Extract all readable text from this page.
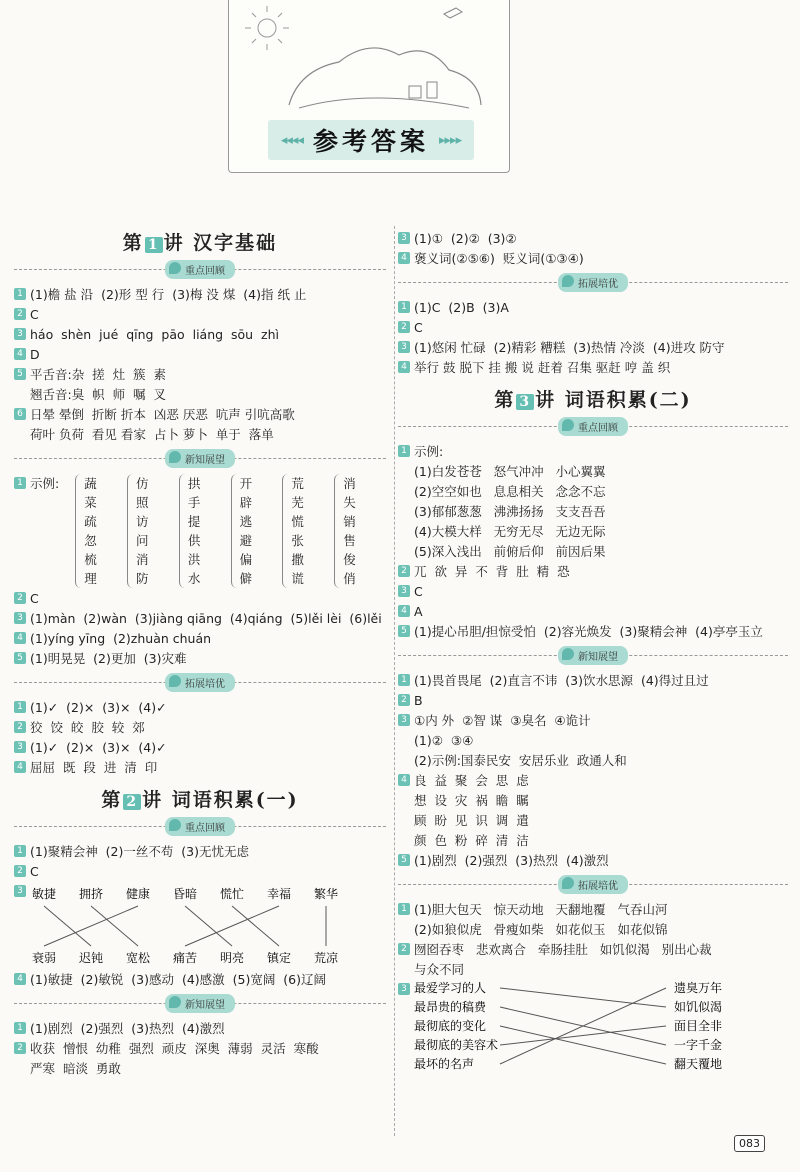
◂◂◂◂ 参考答案 ▸▸▸▸
第 1 讲 汉字基础
重点回顾
1 (1)檐 盐 沿  (2)形 型 行  (3)梅 没 煤  (4)指 纸 止
2 C
3 háo  shèn  jué  qīng  pāo  liáng  sōu  zhì
4 D
5 平舌音:杂  搓  灶  簇  素
翘舌音:臭  帜  师  嘱  叉
6 日晕 晕倒  折断 折本  凶恶 厌恶  吭声 引吭高歌
荷叶 负荷  看见 看家  占卜 萝卜  单于  落单
新知展望
1 示例: 蔬菜
疏忽
梳理
仿照
访问
消防
拱手
提供
洪水
开辟
逃避
偏僻
荒芜
慌张
撒谎
消失
销售
俊俏
2 C
3 (1)màn  (2)wàn  (3)jiàng qiāng  (4)qiáng  (5)lěi lèi  (6)lěi
4 (1)yíng yīng  (2)zhuàn chuán
5 (1)明晃晃  (2)更加  (3)灾难
拓展培优
1 (1)✓  (2)×  (3)×  (4)✓
2 狡  饺  皎  胶  较  郊
3 (1)✓  (2)×  (3)×  (4)✓
4 屈屈  既  段  进  清  印
第 2 讲 词语积累(一)
重点回顾
1 (1)聚精会神  (2)一丝不苟  (3)无忧无虑
2 C
3 敏捷 拥挤 健康 昏暗 慌忙 幸福 繁华
衰弱 迟钝 宽松 痛苦 明亮 镇定 荒凉
4 (1)敏捷  (2)敏锐  (3)感动  (4)感激  (5)宽阔  (6)辽阔
新知展望
1 (1)剧烈  (2)强烈  (3)热烈  (4)激烈
2 收获  憎恨  幼稚  强烈  顽皮  深奥  薄弱  灵活  寒酸
严寒  暗淡  勇敢
3 (1)①  (2)②  (3)②
4 褒义词(②⑤⑥)  贬义词(①③④)
拓展培优
1 (1)C  (2)B  (3)A
2 C
3 (1)悠闲 忙碌  (2)精彩 糟糕  (3)热情 冷淡  (4)进攻 防守
4 举行 鼓 脱下 挂 搬 说 赶着 召集 驱赶 哼 盖 织
第 3 讲 词语积累(二)
重点回顾
1 示例:
(1)白发苍苍   怒气冲冲   小心翼翼
(2)空空如也   息息相关   念念不忘
(3)郁郁葱葱   沸沸扬扬   支支吾吾
(4)大模大样   无穷无尽   无边无际
(5)深入浅出   前俯后仰   前因后果
2 兀  欲  异  不  背  肚  精  恐
3 C
4 A
5 (1)提心吊胆/担惊受怕  (2)容光焕发  (3)聚精会神  (4)亭亭玉立
新知展望
1 (1)畏首畏尾  (2)直言不讳  (3)饮水思源  (4)得过且过
2 B
3 ①内 外  ②智 谋  ③臭名  ④诡计
(1)②  ③④
(2)示例:国泰民安  安居乐业  政通人和
4 良  益  聚  会  思  虑
想  设  灾  祸  瞻  瞩
顾  盼  见  识  调  遣
颜  色  粉  碎  清  洁
5 (1)剧烈  (2)强烈  (3)热烈  (4)激烈
拓展培优
1 (1)胆大包天   惊天动地   天翻地覆   气吞山河
(2)如狼似虎   骨瘦如柴   如花似玉   如花似锦
2 囫囵吞枣   悲欢离合   牵肠挂肚   如饥似渴   别出心裁
与众不同
3 最爱学习的人
最昂贵的稿费
最彻底的变化
最彻底的美容术
最坏的名声
遗臭万年
如饥似渴
面目全非
一字千金
翻天覆地
083
